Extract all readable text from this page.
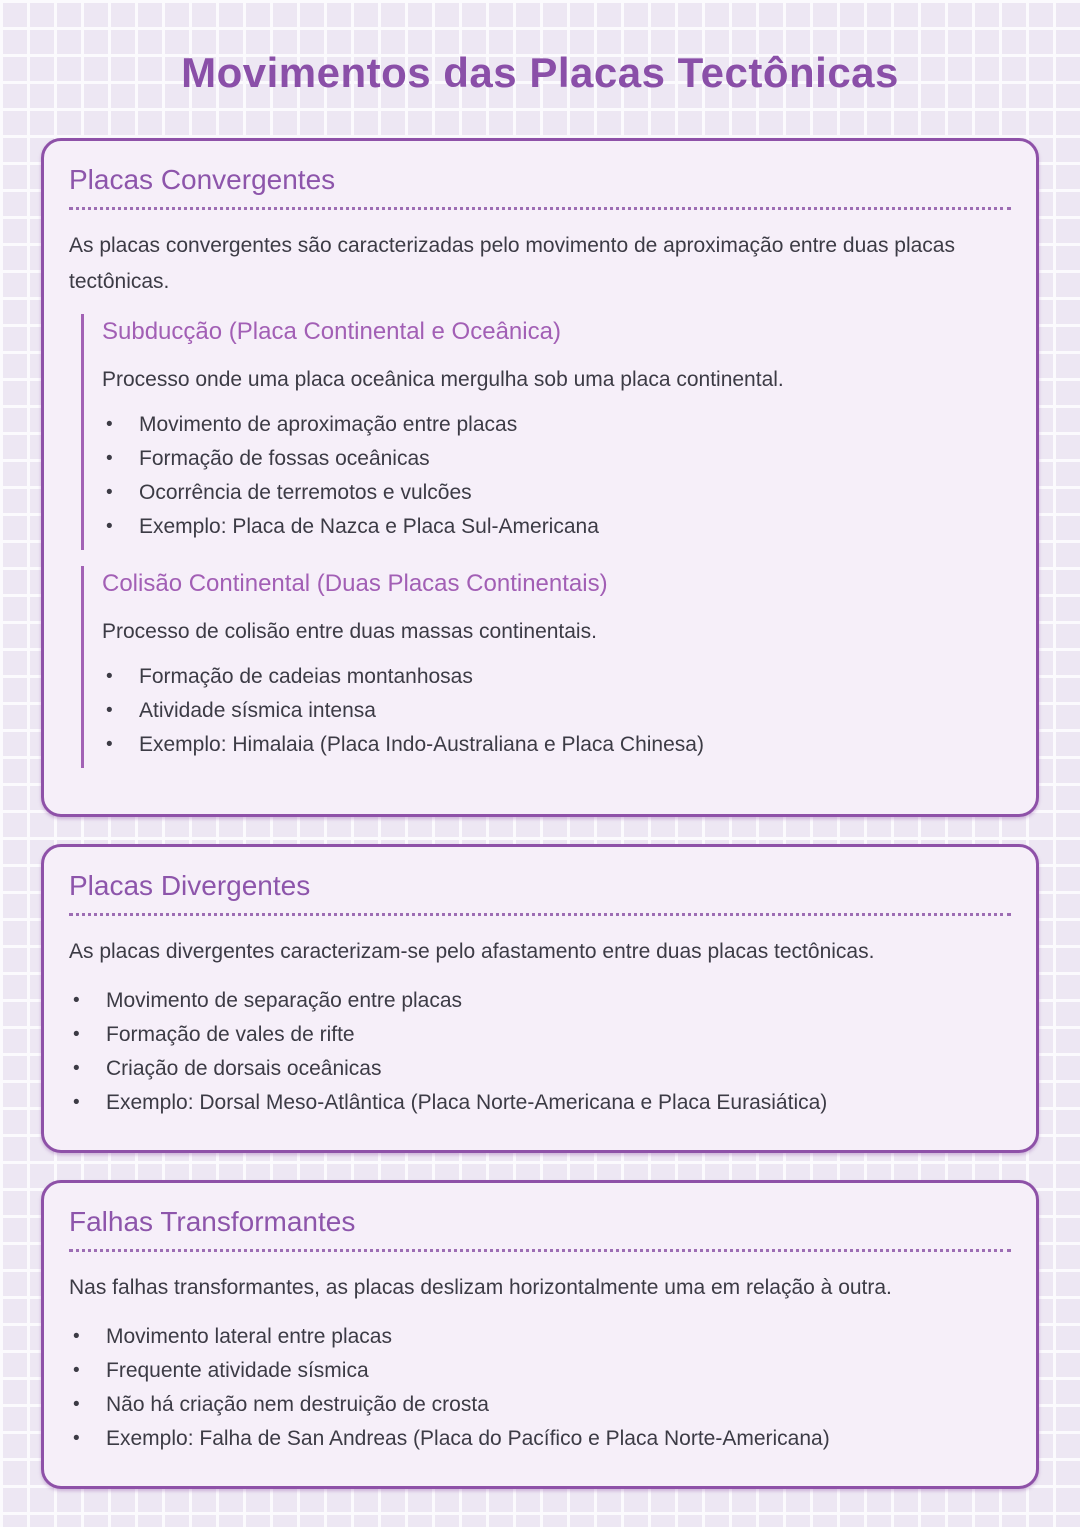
Movimentos das Placas Tectônicas
Placas Convergentes

As placas convergentes são caracterizadas pelo movimento de aproximação entre duas placas tectônicas.

Subducção (Placa Continental e Oceânica)

Processo onde uma placa oceânica mergulha sob uma placa continental.

•	Movimento de aproximação entre placas
•	Formação de fossas oceânicas
•	Ocorrência de terremotos e vulcões
•	Exemplo: Placa de Nazca e Placa Sul-Americana
Colisão Continental (Duas Placas Continentais)

Processo de colisão entre duas massas continentais.

•	Formação de cadeias montanhosas
•	Atividade sísmica intensa
•	Exemplo: Himalaia (Placa Indo-Australiana e Placa Chinesa)
Placas Divergentes

As placas divergentes caracterizam-se pelo afastamento entre duas placas tectônicas.

•	Movimento de separação entre placas
•	Formação de vales de rifte
•	Criação de dorsais oceânicas
•	Exemplo: Dorsal Meso-Atlântica (Placa Norte-Americana e Placa Eurasiática)
Falhas Transformantes

Nas falhas transformantes, as placas deslizam horizontalmente uma em relação à outra.

•	Movimento lateral entre placas
•	Frequente atividade sísmica
•	Não há criação nem destruição de crosta
•	Exemplo: Falha de San Andreas (Placa do Pacífico e Placa Norte-Americana)
